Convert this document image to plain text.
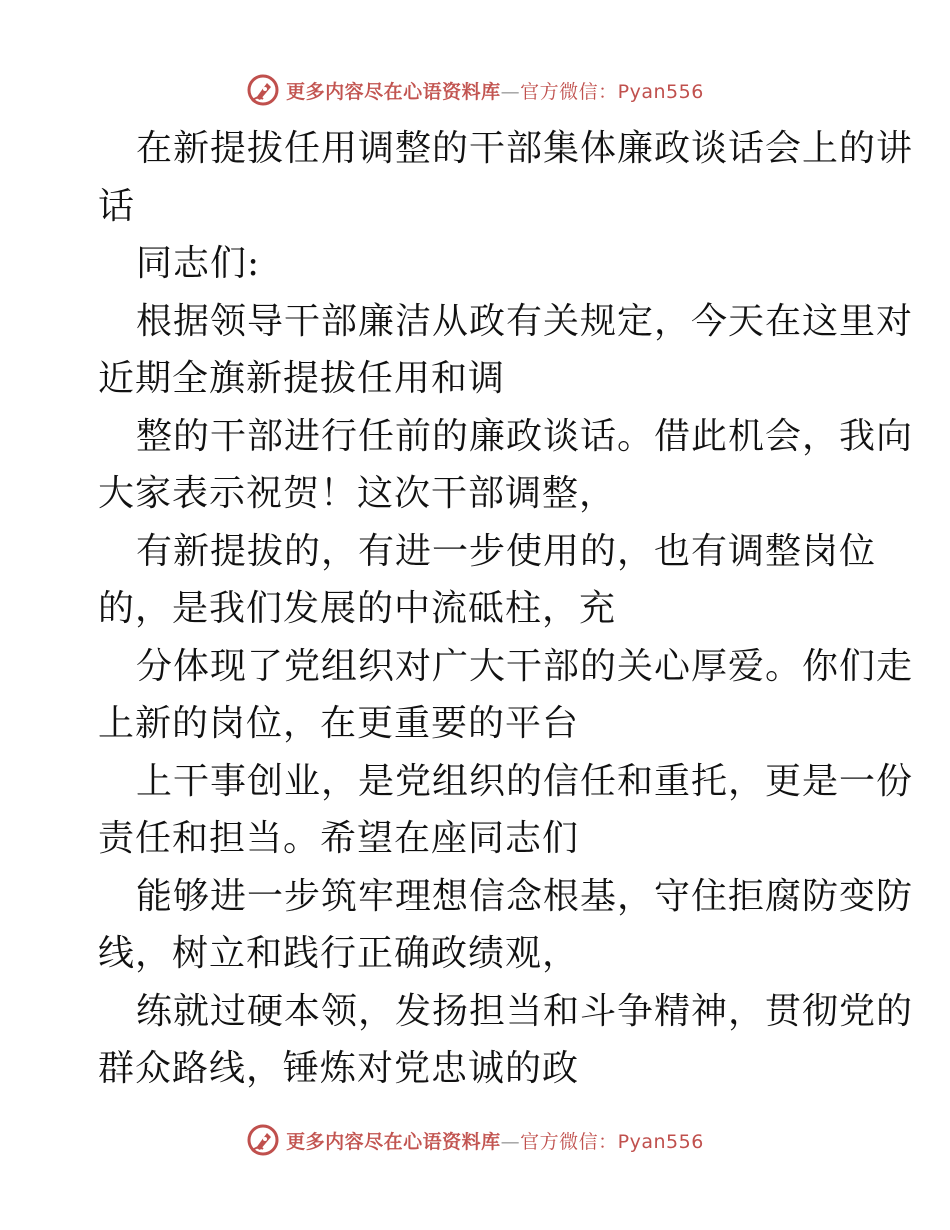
更多内容尽在心语资料库—官方微信：Pyan556
在新提拔任用调整的干部集体廉政谈话会上的讲
话
同志们:
根据领导干部廉洁从政有关规定，今天在这里对
近期全旗新提拔任用和调
整的干部进行任前的廉政谈话。借此机会，我向
大家表示祝贺！这次干部调整，
有新提拔的，有进一步使用的，也有调整岗位
的，是我们发展的中流砥柱，充
分体现了党组织对广大干部的关心厚爱。你们走
上新的岗位，在更重要的平台
上干事创业，是党组织的信任和重托，更是一份
责任和担当。希望在座同志们
能够进一步筑牢理想信念根基，守住拒腐防变防
线，树立和践行正确政绩观，
练就过硬本领，发扬担当和斗争精神，贯彻党的
群众路线，锤炼对党忠诚的政
更多内容尽在心语资料库—官方微信：Pyan556
